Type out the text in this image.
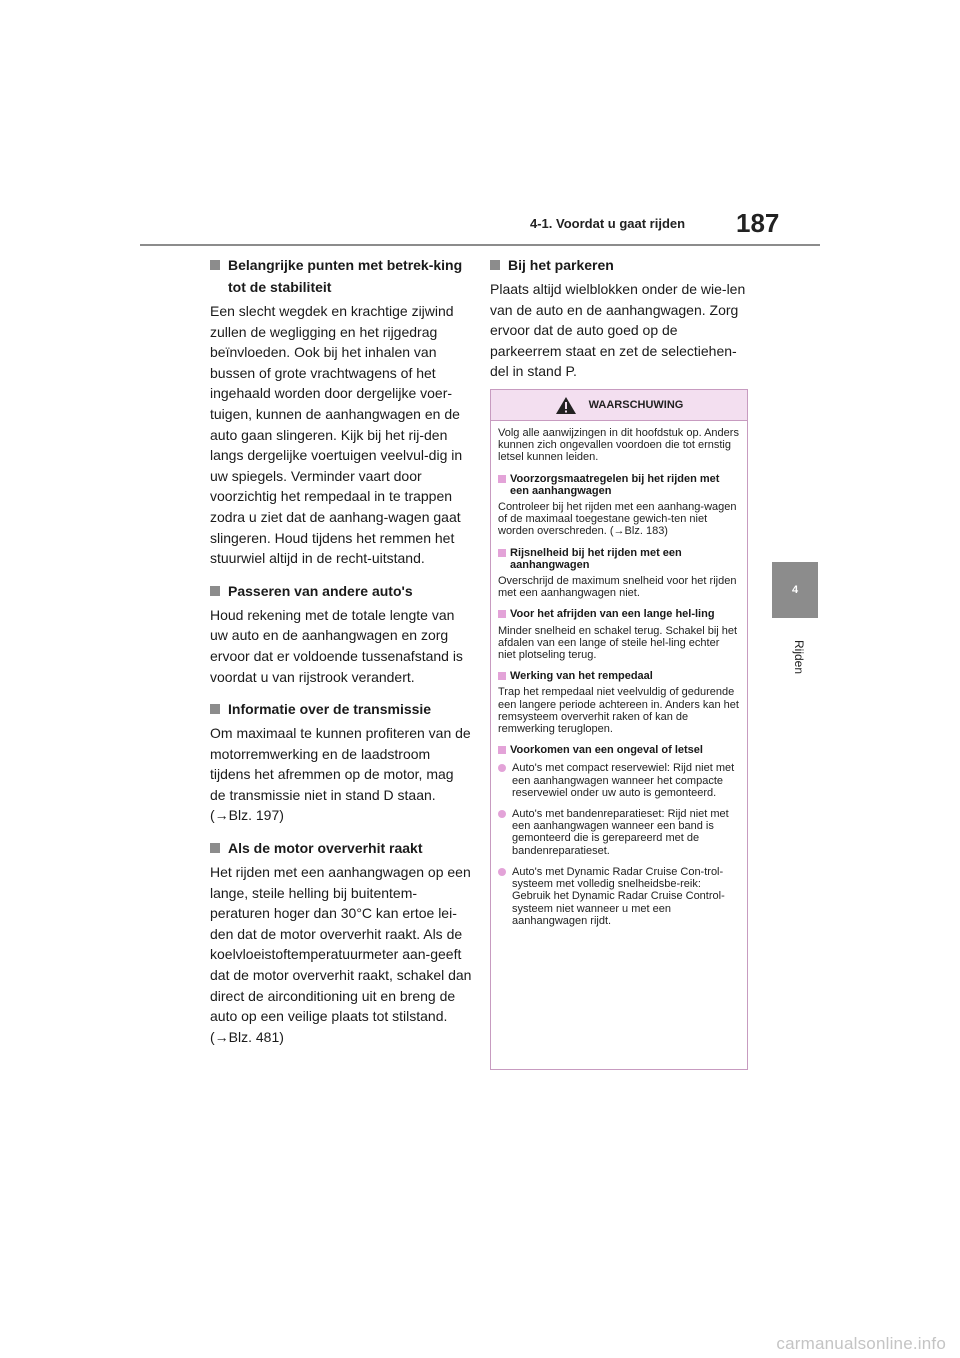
4-1. Voordat u gaat rijden 187
4
Rijden
Belangrijke punten met betrek-king tot de stabiliteit

Een slecht wegdek en krachtige zijwind zullen de wegligging en het rijgedrag beïnvloeden. Ook bij het inhalen van bussen of grote vrachtwagens of het ingehaald worden door dergelijke voer-tuigen, kunnen de aanhangwagen en de auto gaan slingeren. Kijk bij het rij-den langs dergelijke voertuigen veelvul-dig in uw spiegels. Verminder vaart door voorzichtig het rempedaal in te trappen zodra u ziet dat de aanhang-wagen gaat slingeren. Houd tijdens het remmen het stuurwiel altijd in de recht-uitstand.

Passeren van andere auto's

Houd rekening met de totale lengte van uw auto en de aanhangwagen en zorg ervoor dat er voldoende tussenafstand is voordat u van rijstrook verandert.

Informatie over de transmissie

Om maximaal te kunnen profiteren van de motorremwerking en de laadstroom tijdens het afremmen op de motor, mag de transmissie niet in stand D staan. (→Blz. 197)

Als de motor oververhit raakt

Het rijden met een aanhangwagen op een lange, steile helling bij buitentem-peraturen hoger dan 30°C kan ertoe lei-den dat de motor oververhit raakt. Als de koelvloeistoftemperatuurmeter aan-geeft dat de motor oververhit raakt, schakel dan direct de airconditioning uit en breng de auto op een veilige plaats tot stilstand. (→Blz. 481)

Bij het parkeren

Plaats altijd wielblokken onder de wie-len van de auto en de aanhangwagen. Zorg ervoor dat de auto goed op de parkeerrem staat en zet de selectiehen-del in stand P.

WAARSCHUWING

Volg alle aanwijzingen in dit hoofdstuk op. Anders kunnen zich ongevallen voordoen die tot ernstig letsel kunnen leiden.

Voorzorgsmaatregelen bij het rijden met een aanhangwagen

Controleer bij het rijden met een aanhang-wagen of de maximaal toegestane gewich-ten niet worden overschreden. (→Blz. 183)

Rijsnelheid bij het rijden met een aanhangwagen

Overschrijd de maximum snelheid voor het rijden met een aanhangwagen niet.

Voor het afrijden van een lange hel-ling

Minder snelheid en schakel terug. Schakel bij het afdalen van een lange of steile hel-ling echter niet plotseling terug.

Werking van het rempedaal

Trap het rempedaal niet veelvuldig of gedurende een langere periode achtereen in. Anders kan het remsysteem oververhit raken of kan de remwerking teruglopen.

Voorkomen van een ongeval of letsel
Auto's met compact reservewiel: Rijd niet met een aanhangwagen wanneer het compacte reservewiel onder uw auto is gemonteerd.
Auto's met bandenreparatieset: Rijd niet met een aanhangwagen wanneer een band is gemonteerd die is gerepareerd met de bandenreparatieset.
Auto's met Dynamic Radar Cruise Con-trol-systeem met volledig snelheidsbe-reik: Gebruik het Dynamic Radar Cruise Control-systeem niet wanneer u met een aanhangwagen rijdt.
carmanualsonline.info
